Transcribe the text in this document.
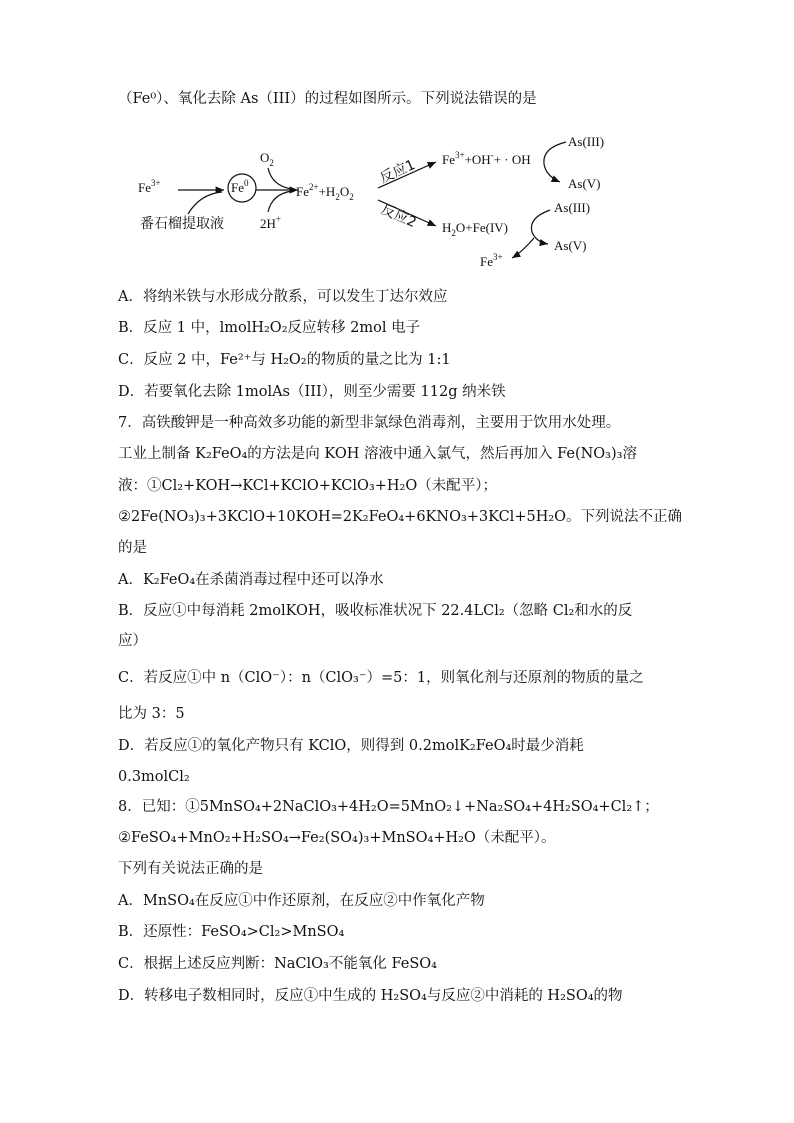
（Fe⁰）、氧化去除 As（III）的过程如图所示。下列说法错误的是
$Fe^{3+}$
番石榴提取液
Fe$^0$
$O_2$
2H+
$Fe^{2+}+H_2O_2$
反应1
反应2
$Fe^{3+}+OH^-+$ · OH
As(III)
As(V)
$H_2O+Fe(IV)$
As(III)
As(V)
$Fe^{3+}$
A．将纳米铁与水形成分散系，可以发生丁达尔效应
B．反应 1 中，lmolH₂O₂反应转移 2mol 电子
C．反应 2 中，Fe²⁺与 H₂O₂的物质的量之比为 1:1
D．若要氧化去除 1molAs（III），则至少需要 112g 纳米铁
7．高铁酸钾是一种高效多功能的新型非氯绿色消毒剂，主要用于饮用水处理。
工业上制备 K₂FeO₄的方法是向 KOH 溶液中通入氯气，然后再加入 Fe(NO₃)₃溶
液：①Cl₂+KOH→KCl+KClO+KClO₃+H₂O（未配平）；
②2Fe(NO₃)₃+3KClO+10KOH=2K₂FeO₄+6KNO₃+3KCl+5H₂O。下列说法不正确
的是
A．K₂FeO₄在杀菌消毒过程中还可以净水
B．反应①中每消耗 2molKOH，吸收标准状况下 22.4LCl₂（忽略 Cl₂和水的反
应）
C．若反应①中 n（ClO⁻）：n（ClO₃⁻）=5：1，则氧化剂与还原剂的物质的量之
比为 3：5
D．若反应①的氧化产物只有 KClO，则得到 0.2molK₂FeO₄时最少消耗
0.3molCl₂
8．已知：①5MnSO₄+2NaClO₃+4H₂O=5MnO₂↓+Na₂SO₄+4H₂SO₄+Cl₂↑；
②FeSO₄+MnO₂+H₂SO₄→Fe₂(SO₄)₃+MnSO₄+H₂O（未配平）。
下列有关说法正确的是
A．MnSO₄在反应①中作还原剂，在反应②中作氧化产物
B．还原性：FeSO₄>Cl₂>MnSO₄
C．根据上述反应判断：NaClO₃不能氧化 FeSO₄
D．转移电子数相同时，反应①中生成的 H₂SO₄与反应②中消耗的 H₂SO₄的物
